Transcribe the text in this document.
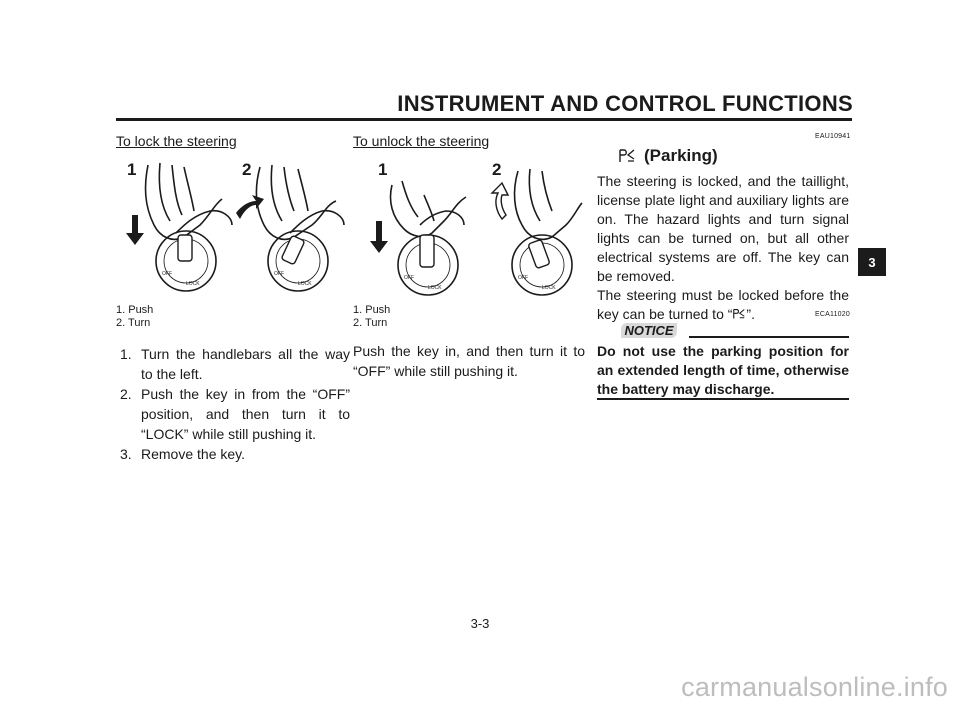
INSTRUMENT AND CONTROL FUNCTIONS
3
To lock the steering
1	2
OFF
LOCK
OFF
LOCK
1. Push
2. Turn
1. Turn the handlebars all the way to the left.
2. Push the key in from the “OFF” position, and then turn it to “LOCK” while still pushing it.
3. Remove the key.
To unlock the steering
1	2
OFF
LOCK
OFF
LOCK
1. Push
2. Turn
Push the key in, and then turn it to “OFF” while still pushing it.
EAU10941
(Parking)

The steering is locked, and the taillight, license plate light and auxiliary lights are on. The hazard lights and turn signal lights can be turned on, but all other electrical systems are off. The key can be removed.

The steering must be locked before the key can be turned to “ ”.	ECA11020
NOTICE
Do not use the parking position for an extended length of time, otherwise the battery may discharge.
3-3
carmanualsonline.info
